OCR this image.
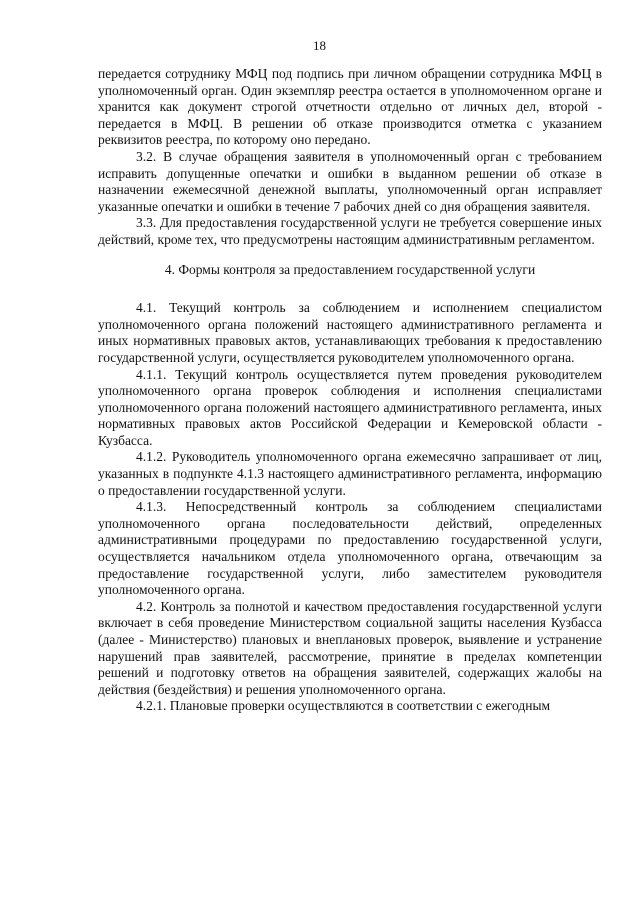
18

передается сотруднику МФЦ под подпись при личном обращении сотрудника МФЦ в уполномоченный орган. Один экземпляр реестра остается в уполномоченном органе и хранится как документ строгой отчетности отдельно от личных дел, второй - передается в МФЦ. В решении об отказе производится отметка с указанием реквизитов реестра, по которому оно передано.

3.2. В случае обращения заявителя в уполномоченный орган с требованием исправить допущенные опечатки и ошибки в выданном решении об отказе в назначении ежемесячной денежной выплаты, уполномоченный орган исправляет указанные опечатки и ошибки в течение 7 рабочих дней со дня обращения заявителя.

3.3. Для предоставления государственной услуги не требуется совершение иных действий, кроме тех, что предусмотрены настоящим административным регламентом.

4. Формы контроля за предоставлением государственной услуги

4.1. Текущий контроль за соблюдением и исполнением специалистом уполномоченного органа положений настоящего административного регламента и иных нормативных правовых актов, устанавливающих требования к предоставлению государственной услуги, осуществляется руководителем уполномоченного органа.

4.1.1. Текущий контроль осуществляется путем проведения руководителем уполномоченного органа проверок соблюдения и исполнения специалистами уполномоченного органа положений настоящего административного регламента, иных нормативных правовых актов Российской Федерации и Кемеровской области - Кузбасса.

4.1.2. Руководитель уполномоченного органа ежемесячно запрашивает от лиц, указанных в подпункте 4.1.3 настоящего административного регламента, информацию о предоставлении государственной услуги.

4.1.3. Непосредственный контроль за соблюдением специалистами уполномоченного органа последовательности действий, определенных административными процедурами по предоставлению государственной услуги, осуществляется начальником отдела уполномоченного органа, отвечающим за предоставление государственной услуги, либо заместителем руководителя уполномоченного органа.

4.2. Контроль за полнотой и качеством предоставления государственной услуги включает в себя проведение Министерством социальной защиты населения Кузбасса (далее - Министерство) плановых и внеплановых проверок, выявление и устранение нарушений прав заявителей, рассмотрение, принятие в пределах компетенции решений и подготовку ответов на обращения заявителей, содержащих жалобы на действия (бездействия) и решения уполномоченного органа.

4.2.1. Плановые проверки осуществляются в соответствии с ежегодным
